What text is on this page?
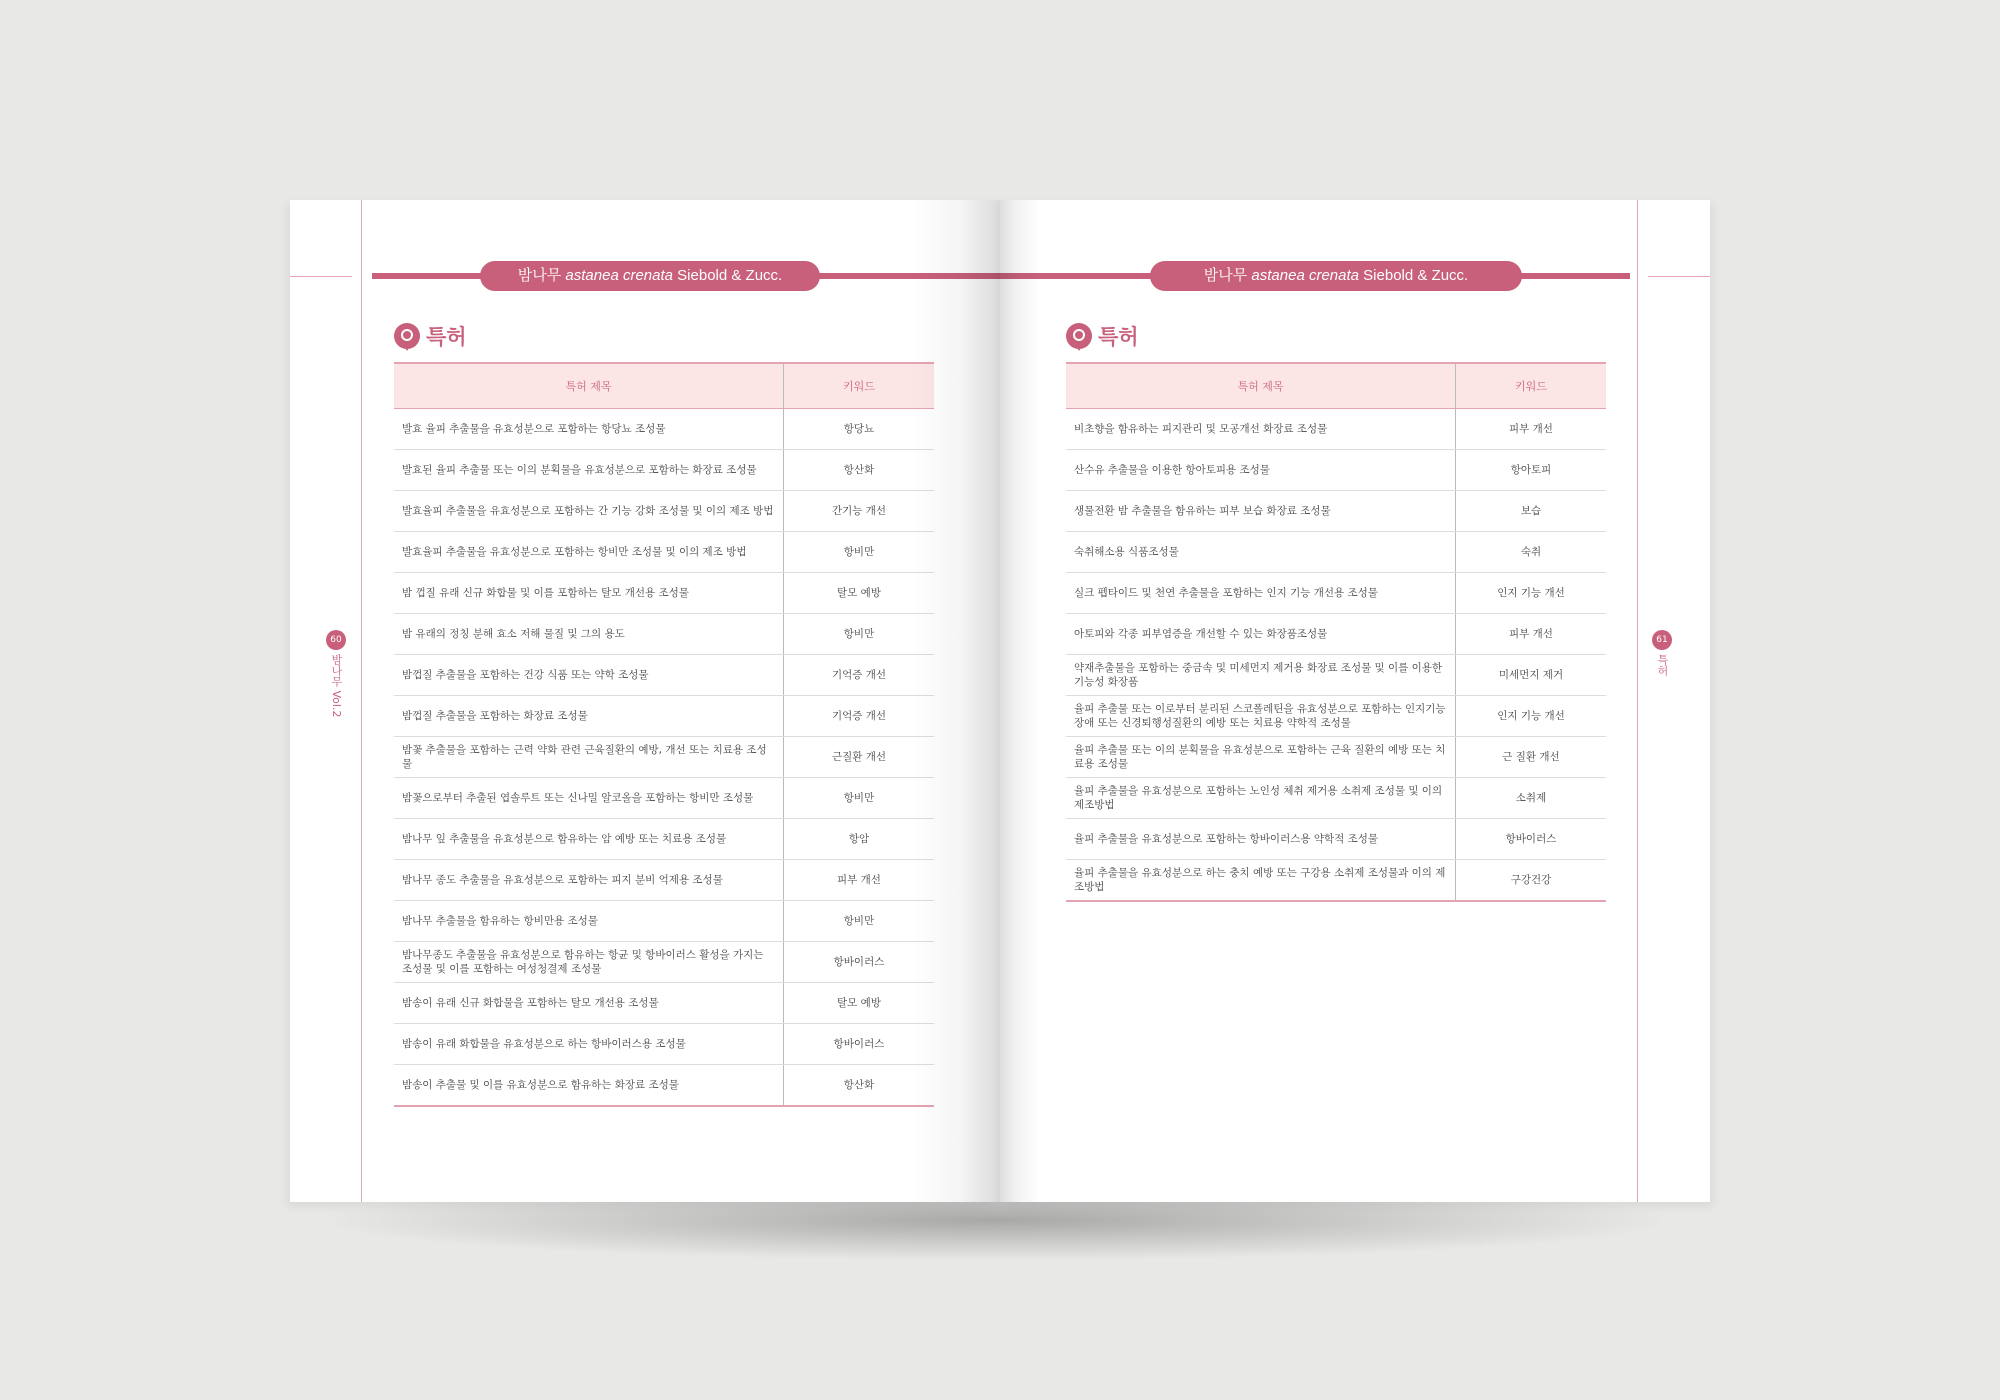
밤나무 astanea crenata Siebold & Zucc.
특허
특허 제목	키워드
발효 율피 추출물을 유효성분으로 포함하는 항당뇨 조성물	항당뇨
발효된 율피 추출물 또는 이의 분획물을 유효성분으로 포함하는 화장료 조성물	항산화
발효율피 추출물을 유효성분으로 포함하는 간 기능 강화 조성물 및 이의 제조 방법	간기능 개선
발효율피 추출물을 유효성분으로 포함하는 항비만 조성물 및 이의 제조 방법	항비만
밤 껍질 유래 신규 화합물 및 이를 포함하는 탈모 개선용 조성물	탈모 예방
밤 유래의 정칭 분해 효소 저해 물질 및 그의 용도	항비만
밤껍질 추출물을 포함하는 건강 식품 또는 약학 조성물	기억증 개선
밤껍질 추출물을 포함하는 화장료 조성물	기억증 개선
밤꽃 추출물을 포함하는 근력 약화 관련 근육질환의 예방, 개선 또는 치료용 조성물	근질환 개선
밤꽃으로부터 추출된 엽솔루트 또는 신나밀 알코올을 포함하는 항비만 조성물	항비만
밤나무 잎 추출물을 유효성분으로 함유하는 암 예방 또는 치료용 조성물	항암
밤나무 종도 추출물을 유효성분으로 포함하는 피지 분비 억제용 조성물	피부 개선
밤나무 추출물을 함유하는 항비만용 조성물	항비만
밤나무종도 추출물을 유효성분으로 함유하는 항균 및 항바이러스 활성을 가지는 조성물 및 이를 포함하는 여성청결제 조성물	항바이러스
밤송이 유래 신규 화합물을 포함하는 탈모 개선용 조성물	탈모 예방
밤송이 유래 화합물을 유효성분으로 하는 항바이러스용 조성물	항바이러스
밤송이 추출물 및 이를 유효성분으로 함유하는 화장료 조성물	항산화
60
밤나무 Vol.2
밤나무 astanea crenata Siebold & Zucc.
특허
특허 제목	키워드
비초향을 함유하는 피지관리 및 모공개선 화장료 조성물	피부 개선
산수유 추출물을 이용한 항아토피용 조성물	항아토피
생물전환 밤 추출물을 함유하는 피부 보습 화장료 조성물	보습
숙취해소용 식품조성물	숙취
실크 펩타이드 및 천연 추출물을 포함하는 인지 기능 개선용 조성물	인지 기능 개선
아토피와 각종 피부염증을 개선할 수 있는 화장품조성물	피부 개선
약재추출물을 포함하는 중금속 및 미세먼지 제거용 화장료 조성물 및 이를 이용한 기능성 화장품	미세먼지 제거
율피 추출물 또는 이로부터 분리된 스코폴레틴을 유효성분으로 포함하는 인지기능 장애 또는 신경퇴행성질환의 예방 또는 치료용 약학적 조성물	인지 기능 개선
율피 추출물 또는 이의 분획물을 유효성분으로 포함하는 근육 질환의 예방 또는 치료용 조성물	근 질환 개선
율피 추출물을 유효성분으로 포함하는 노인성 체취 제거용 소취제 조성물 및 이의 제조방법	소취제
율피 추출물을 유효성분으로 포함하는 항바이러스용 약학적 조성물	항바이러스
율피 추출물을 유효성분으로 하는 충치 예방 또는 구강용 소취제 조성물과 이의 제조방법	구강건강
61
특허
